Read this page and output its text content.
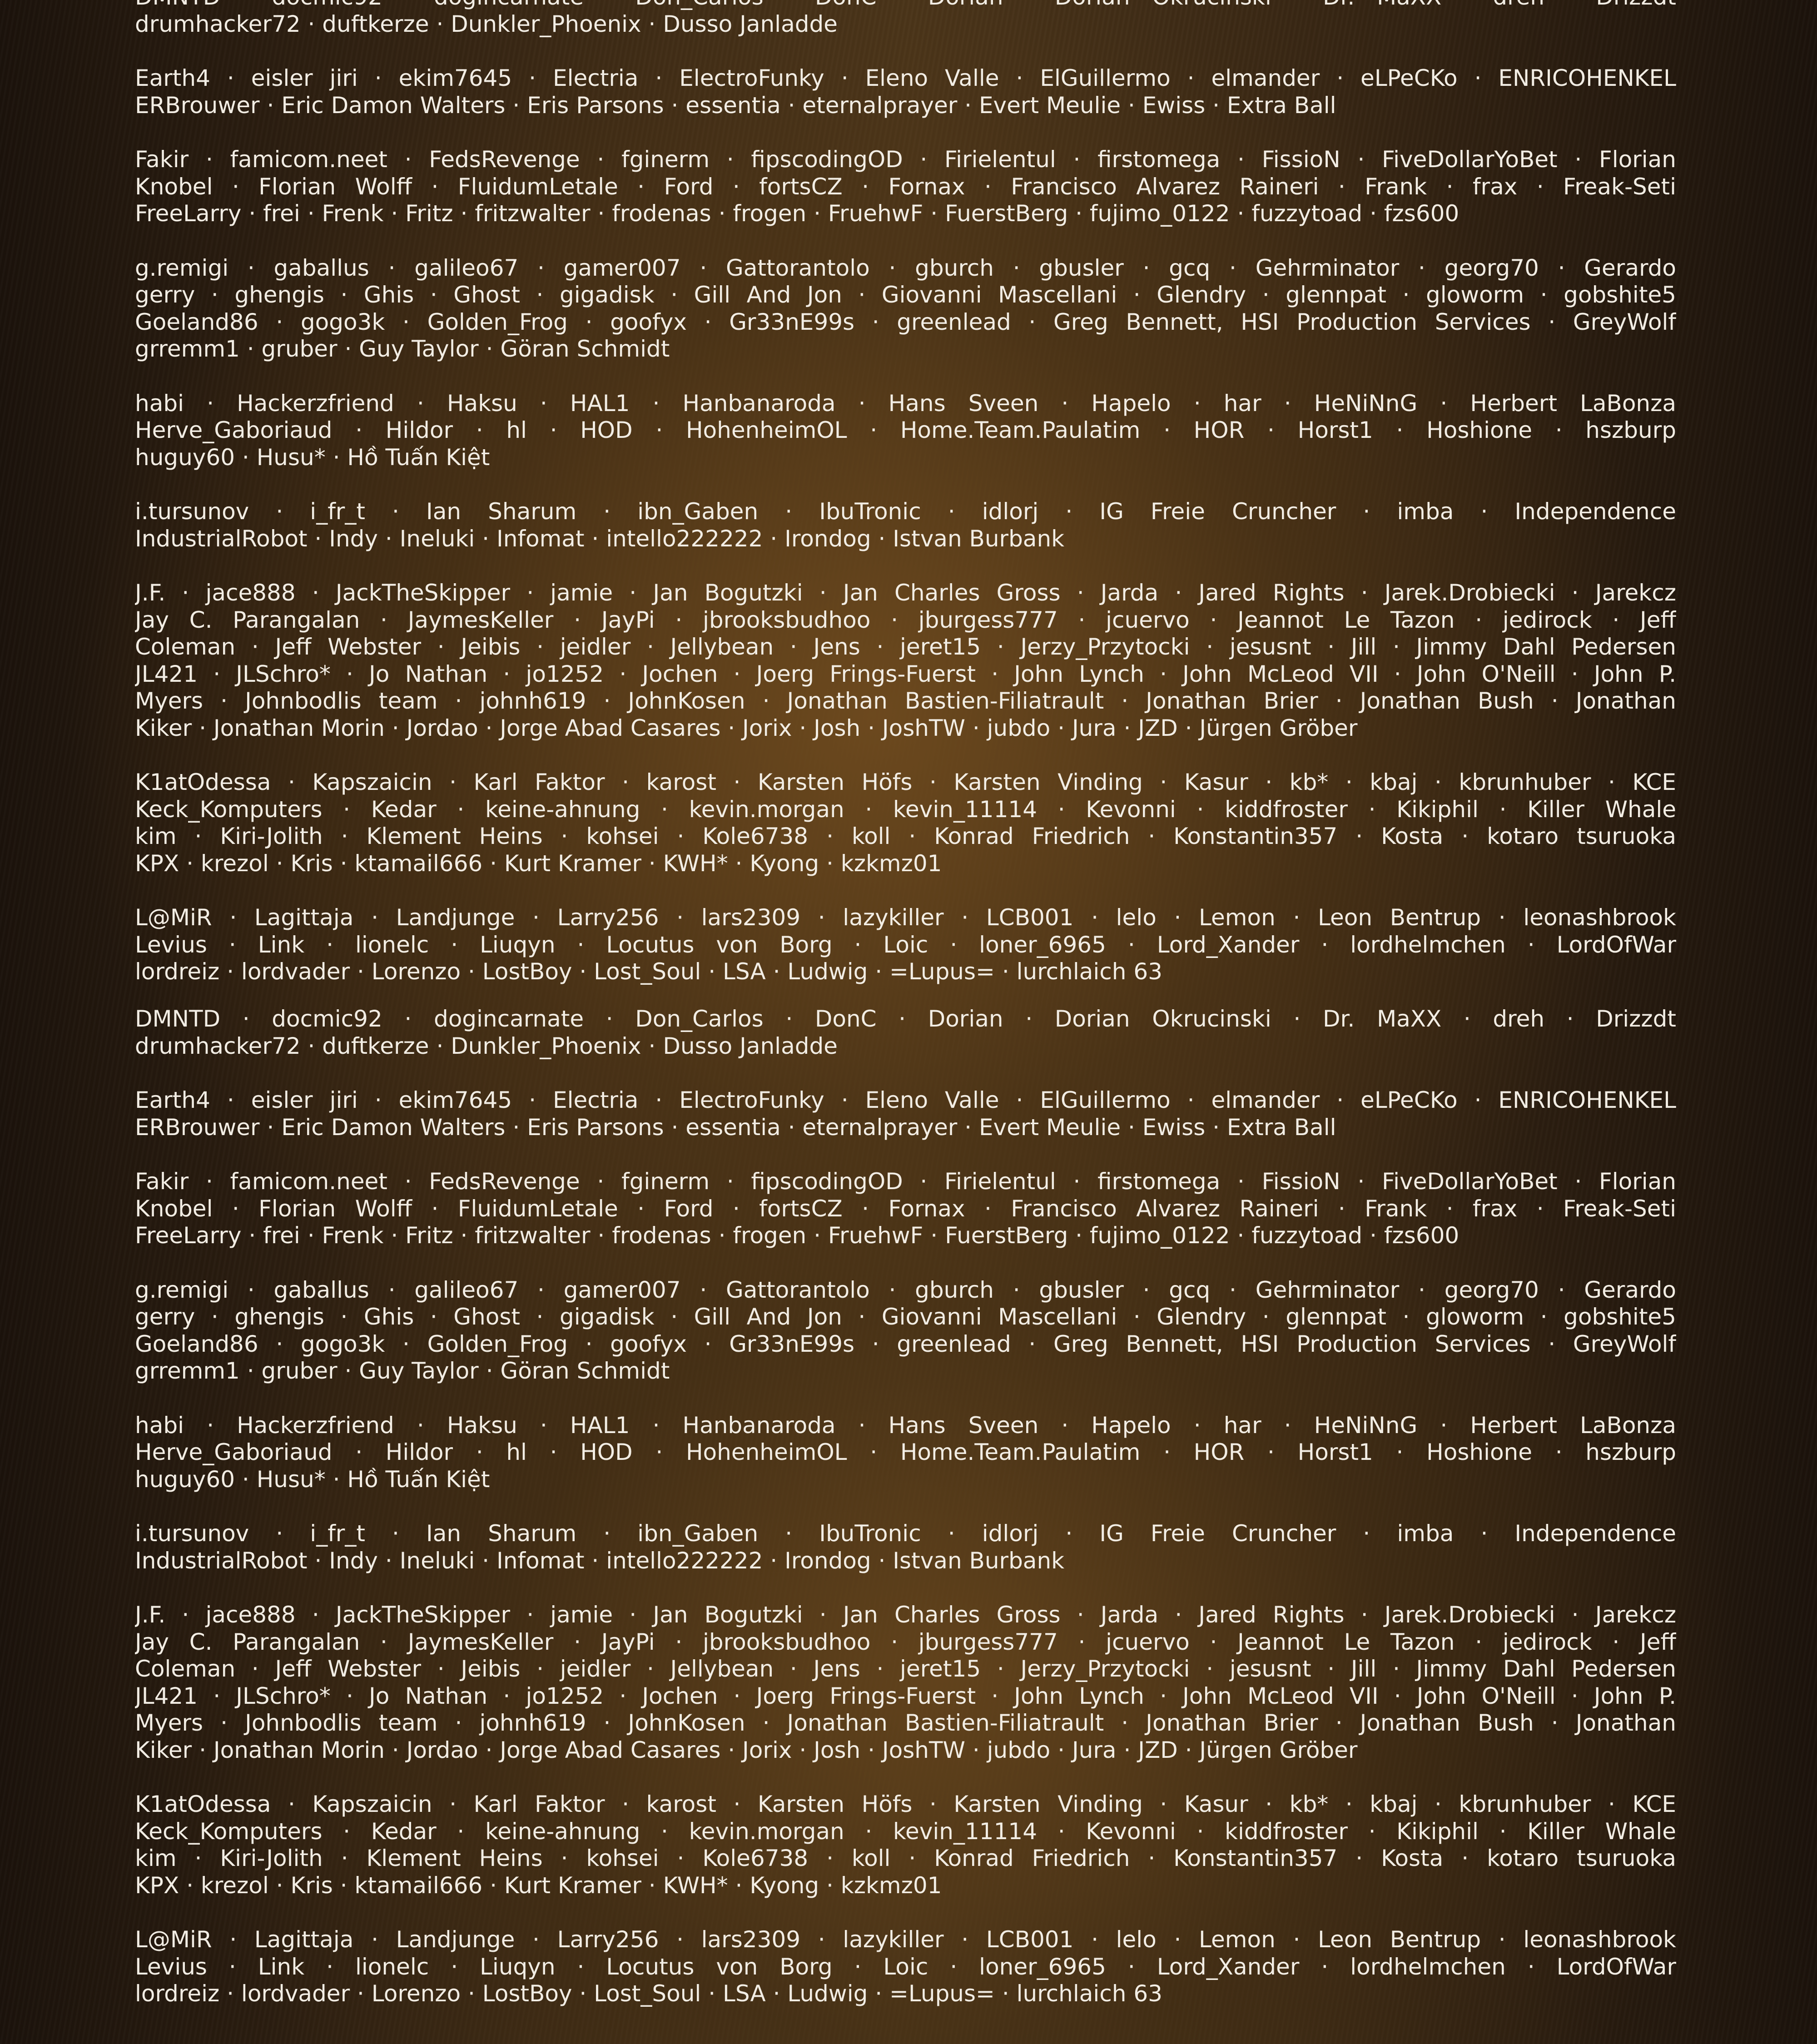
drumhacker72 · duftkerze · Dunkler_Phoenix · Dusso Janladde
Earth4 · eisler jiri · ekim7645 · Electria · ElectroFunky · Eleno Valle · ElGuillermo · elmander · eLPeCKo · ENRICOHENKEL
ERBrouwer · Eric Damon Walters · Eris Parsons · essentia · eternalprayer · Evert Meulie · Ewiss · Extra Ball
Fakir · famicom.neet · FedsRevenge · fginerm · fipscodingOD · Firielentul · firstomega · FissioN · FiveDollarYoBet · Florian
Knobel · Florian Wolff · FluidumLetale · Ford · fortsCZ · Fornax · Francisco Alvarez Raineri · Frank · frax · Freak-Seti
FreeLarry · frei · Frenk · Fritz · fritzwalter · frodenas · frogen · FruehwF · FuerstBerg · fujimo_0122 · fuzzytoad · fzs600
g.remigi · gaballus · galileo67 · gamer007 · Gattorantolo · gburch · gbusler · gcq · Gehrminator · georg70 · Gerardo
gerry · ghengis · Ghis · Ghost · gigadisk · Gill And Jon · Giovanni Mascellani · Glendry · glennpat · gloworm · gobshite5
Goeland86 · gogo3k · Golden_Frog · goofyx · Gr33nE99s · greenlead · Greg Bennett, HSI Production Services · GreyWolf
grremm1 · gruber · Guy Taylor · Göran Schmidt
habi · Hackerzfriend · Haksu · HAL1 · Hanbanaroda · Hans Sveen · Hapelo · har · HeNiNnG · Herbert LaBonza
Herve_Gaboriaud · Hildor · hl · HOD · HohenheimOL · Home.Team.Paulatim · HOR · Horst1 · Hoshione · hszburp
huguy60 · Husu* · Hồ Tuấn Kiệt
i.tursunov · i_fr_t · Ian Sharum · ibn_Gaben · IbuTronic · idlorj · IG Freie Cruncher · imba · Independence
IndustrialRobot · Indy · Ineluki · Infomat · intello222222 · Irondog · Istvan Burbank
J.F. · jace888 · JackTheSkipper · jamie · Jan Bogutzki · Jan Charles Gross · Jarda · Jared Rights · Jarek.Drobiecki · Jarekcz
Jay C. Parangalan · JaymesKeller · JayPi · jbrooksbudhoo · jburgess777 · jcuervo · Jeannot Le Tazon · jedirock · Jeff
Coleman · Jeff Webster · Jeibis · jeidler · Jellybean · Jens · jeret15 · Jerzy_Przytocki · jesusnt · Jill · Jimmy Dahl Pedersen
JL421 · JLSchro* · Jo Nathan · jo1252 · Jochen · Joerg Frings-Fuerst · John Lynch · John McLeod VII · John O'Neill · John P.
Myers · Johnbodlis team · johnh619 · JohnKosen · Jonathan Bastien-Filiatrault · Jonathan Brier · Jonathan Bush · Jonathan
Kiker · Jonathan Morin · Jordao · Jorge Abad Casares · Jorix · Josh · JoshTW · jubdo · Jura · JZD · Jürgen Gröber
K1atOdessa · Kapszaicin · Karl Faktor · karost · Karsten Höfs · Karsten Vinding · Kasur · kb* · kbaj · kbrunhuber · KCE
Keck_Komputers · Kedar · keine-ahnung · kevin.morgan · kevin_11114 · Kevonni · kiddfroster · Kikiphil · Killer Whale
kim · Kiri-Jolith · Klement Heins · kohsei · Kole6738 · koll · Konrad Friedrich · Konstantin357 · Kosta · kotaro tsuruoka
KPX · krezol · Kris · ktamail666 · Kurt Kramer · KWH* · Kyong · kzkmz01
L@MiR · Lagittaja · Landjunge · Larry256 · lars2309 · lazykiller · LCB001 · lelo · Lemon · Leon Bentrup · leonashbrook
Levius · Link · lionelc · Liuqyn · Locutus von Borg · Loic · loner_6965 · Lord_Xander · lordhelmchen · LordOfWar
lordreiz · lordvader · Lorenzo · LostBoy · Lost_Soul · LSA · Ludwig · =Lupus= · lurchlaich 63
DMNTD · docmic92 · dogincarnate · Don_Carlos · DonC · Dorian · Dorian Okrucinski · Dr. MaXX · dreh · Drizzdt
drumhacker72 · duftkerze · Dunkler_Phoenix · Dusso Janladde
Earth4 · eisler jiri · ekim7645 · Electria · ElectroFunky · Eleno Valle · ElGuillermo · elmander · eLPeCKo · ENRICOHENKEL
ERBrouwer · Eric Damon Walters · Eris Parsons · essentia · eternalprayer · Evert Meulie · Ewiss · Extra Ball
Fakir · famicom.neet · FedsRevenge · fginerm · fipscodingOD · Firielentul · firstomega · FissioN · FiveDollarYoBet · Florian
Knobel · Florian Wolff · FluidumLetale · Ford · fortsCZ · Fornax · Francisco Alvarez Raineri · Frank · frax · Freak-Seti
FreeLarry · frei · Frenk · Fritz · fritzwalter · frodenas · frogen · FruehwF · FuerstBerg · fujimo_0122 · fuzzytoad · fzs600
g.remigi · gaballus · galileo67 · gamer007 · Gattorantolo · gburch · gbusler · gcq · Gehrminator · georg70 · Gerardo
gerry · ghengis · Ghis · Ghost · gigadisk · Gill And Jon · Giovanni Mascellani · Glendry · glennpat · gloworm · gobshite5
Goeland86 · gogo3k · Golden_Frog · goofyx · Gr33nE99s · greenlead · Greg Bennett, HSI Production Services · GreyWolf
grremm1 · gruber · Guy Taylor · Göran Schmidt
habi · Hackerzfriend · Haksu · HAL1 · Hanbanaroda · Hans Sveen · Hapelo · har · HeNiNnG · Herbert LaBonza
Herve_Gaboriaud · Hildor · hl · HOD · HohenheimOL · Home.Team.Paulatim · HOR · Horst1 · Hoshione · hszburp
huguy60 · Husu* · Hồ Tuấn Kiệt
i.tursunov · i_fr_t · Ian Sharum · ibn_Gaben · IbuTronic · idlorj · IG Freie Cruncher · imba · Independence
IndustrialRobot · Indy · Ineluki · Infomat · intello222222 · Irondog · Istvan Burbank
J.F. · jace888 · JackTheSkipper · jamie · Jan Bogutzki · Jan Charles Gross · Jarda · Jared Rights · Jarek.Drobiecki · Jarekcz
Jay C. Parangalan · JaymesKeller · JayPi · jbrooksbudhoo · jburgess777 · jcuervo · Jeannot Le Tazon · jedirock · Jeff
Coleman · Jeff Webster · Jeibis · jeidler · Jellybean · Jens · jeret15 · Jerzy_Przytocki · jesusnt · Jill · Jimmy Dahl Pedersen
JL421 · JLSchro* · Jo Nathan · jo1252 · Jochen · Joerg Frings-Fuerst · John Lynch · John McLeod VII · John O'Neill · John P.
Myers · Johnbodlis team · johnh619 · JohnKosen · Jonathan Bastien-Filiatrault · Jonathan Brier · Jonathan Bush · Jonathan
Kiker · Jonathan Morin · Jordao · Jorge Abad Casares · Jorix · Josh · JoshTW · jubdo · Jura · JZD · Jürgen Gröber
K1atOdessa · Kapszaicin · Karl Faktor · karost · Karsten Höfs · Karsten Vinding · Kasur · kb* · kbaj · kbrunhuber · KCE
Keck_Komputers · Kedar · keine-ahnung · kevin.morgan · kevin_11114 · Kevonni · kiddfroster · Kikiphil · Killer Whale
kim · Kiri-Jolith · Klement Heins · kohsei · Kole6738 · koll · Konrad Friedrich · Konstantin357 · Kosta · kotaro tsuruoka
KPX · krezol · Kris · ktamail666 · Kurt Kramer · KWH* · Kyong · kzkmz01
L@MiR · Lagittaja · Landjunge · Larry256 · lars2309 · lazykiller · LCB001 · lelo · Lemon · Leon Bentrup · leonashbrook
Levius · Link · lionelc · Liuqyn · Locutus von Borg · Loic · loner_6965 · Lord_Xander · lordhelmchen · LordOfWar
lordreiz · lordvader · Lorenzo · LostBoy · Lost_Soul · LSA · Ludwig · =Lupus= · lurchlaich 63
